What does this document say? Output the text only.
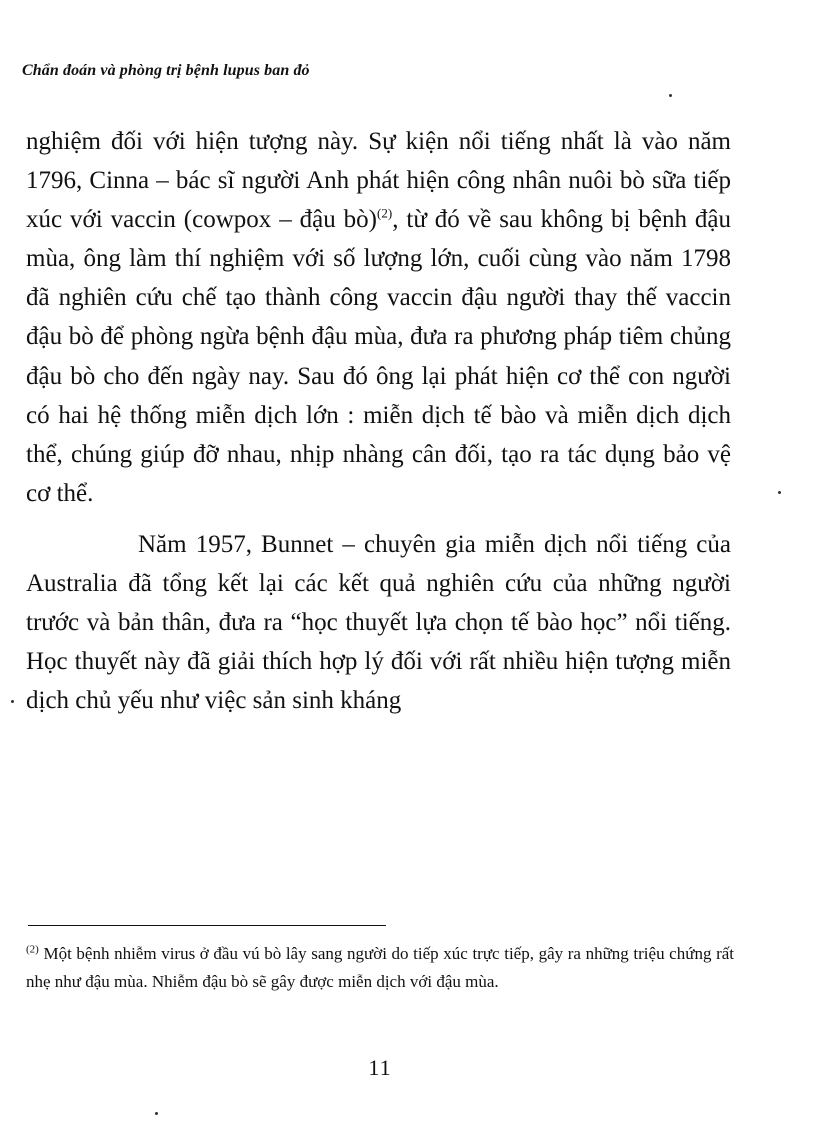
Chẩn đoán và phòng trị bệnh lupus ban đỏ

nghiệm đối với hiện tượng này. Sự kiện nổi tiếng nhất là vào năm 1796, Cinna – bác sĩ người Anh phát hiện công nhân nuôi bò sữa tiếp xúc với vaccin (cowpox – đậu bò)$^{(2)}$, từ đó về sau không bị bệnh đậu mùa, ông làm thí nghiệm với số lượng lớn, cuối cùng vào năm 1798 đã nghiên cứu chế tạo thành công vaccin đậu người thay thế vaccin đậu bò để phòng ngừa bệnh đậu mùa, đưa ra phương pháp tiêm chủng đậu bò cho đến ngày nay. Sau đó ông lại phát hiện cơ thể con người có hai hệ thống miễn dịch lớn : miễn dịch tế bào và miễn dịch dịch thể, chúng giúp đỡ nhau, nhịp nhàng cân đối, tạo ra tác dụng bảo vệ cơ thể.

Năm 1957, Bunnet – chuyên gia miễn dịch nổi tiếng của Australia đã tổng kết lại các kết quả nghiên cứu của những người trước và bản thân, đưa ra “học thuyết lựa chọn tế bào học” nổi tiếng. Học thuyết này đã giải thích hợp lý đối với rất nhiều hiện tượng miễn dịch chủ yếu như việc sản sinh kháng

$^{(2)}$ Một bệnh nhiễm virus ở đầu vú bò lây sang người do tiếp xúc trực tiếp, gây ra những triệu chứng rất nhẹ như đậu mùa. Nhiễm đậu bò sẽ gây được miễn dịch với đậu mùa.
11
